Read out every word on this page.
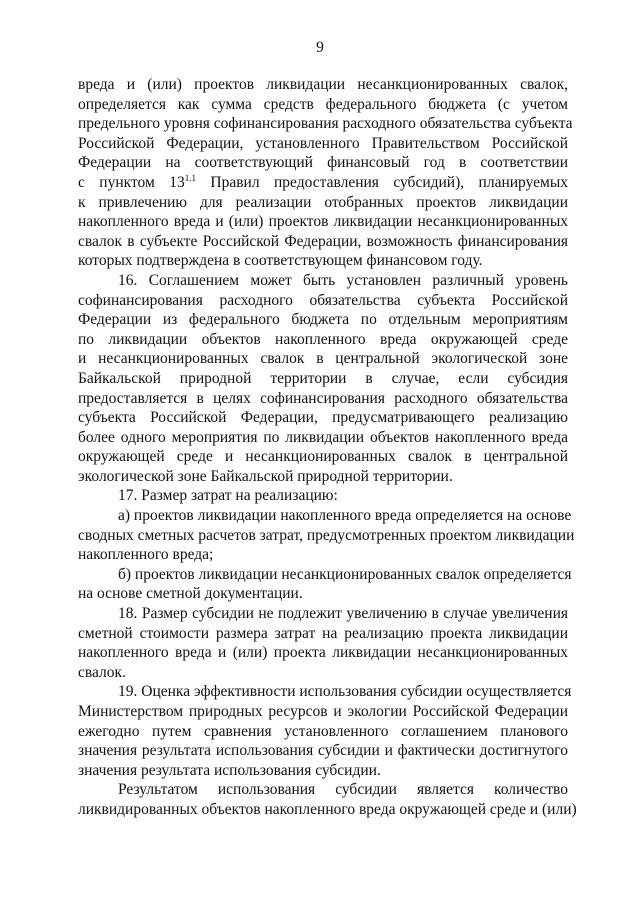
9
вреда и (или) проектов ликвидации несанкционированных свалок,
определяется как сумма средств федерального бюджета (с учетом
предельного уровня софинансирования расходного обязательства субъекта
Российской Федерации, установленного Правительством Российской
Федерации на соответствующий финансовый год в соответствии
с пунктом $13^{1.1}$ Правил предоставления субсидий), планируемых
к привлечению для реализации отобранных проектов ликвидации
накопленного вреда и (или) проектов ликвидации несанкционированных
свалок в субъекте Российской Федерации, возможность финансирования
которых подтверждена в соответствующем финансовом году.
16. Соглашением может быть установлен различный уровень
софинансирования расходного обязательства субъекта Российской
Федерации из федерального бюджета по отдельным мероприятиям
по ликвидации объектов накопленного вреда окружающей среде
и несанкционированных свалок в центральной экологической зоне
Байкальской природной территории в случае, если субсидия
предоставляется в целях софинансирования расходного обязательства
субъекта Российской Федерации, предусматривающего реализацию
более одного мероприятия по ликвидации объектов накопленного вреда
окружающей среде и несанкционированных свалок в центральной
экологической зоне Байкальской природной территории.
17. Размер затрат на реализацию:
а) проектов ликвидации накопленного вреда определяется на основе
сводных сметных расчетов затрат, предусмотренных проектом ликвидации
накопленного вреда;
б) проектов ликвидации несанкционированных свалок определяется
на основе сметной документации.
18. Размер субсидии не подлежит увеличению в случае увеличения
сметной стоимости размера затрат на реализацию проекта ликвидации
накопленного вреда и (или) проекта ликвидации несанкционированных
свалок.
19. Оценка эффективности использования субсидии осуществляется
Министерством природных ресурсов и экологии Российской Федерации
ежегодно путем сравнения установленного соглашением планового
значения результата использования субсидии и фактически достигнутого
значения результата использования субсидии.
Результатом использования субсидии является количество
ликвидированных объектов накопленного вреда окружающей среде и (или)
